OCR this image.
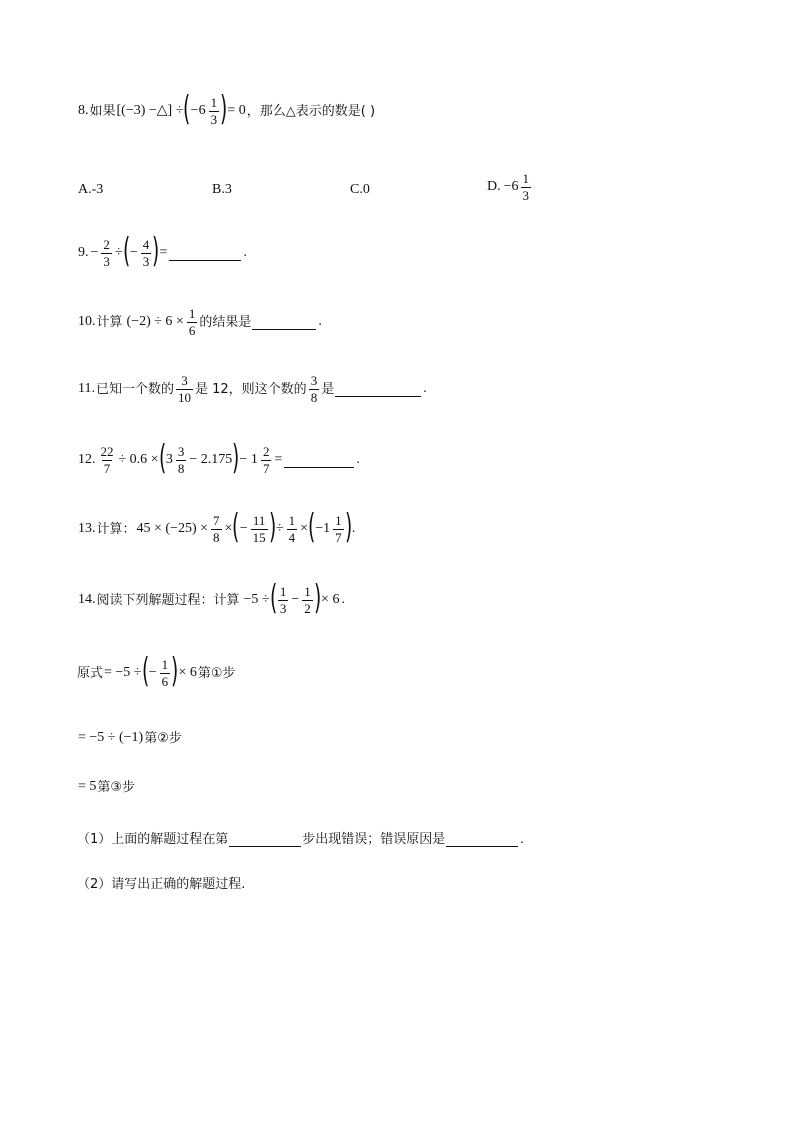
8. 如果 [(−3) −△] ÷ ( $-6 \frac{1}{3}$ ) = 0 ，那么△表示的数是( )
A.-3	B.3	C.0	D. $-6 \frac{1}{3}$
9. − $\frac{2}{3}$ ÷ ( − $\frac{4}{3}$ ) =	.
10. 计算 $(-2) \div 6 \times \frac{1}{6}$ 的结果是	.
11. 已知一个数的 $\frac{3}{10}$ 是 12，则这个数的 $\frac{3}{8}$ 是	.
12. $\frac{22}{7} \div 0.6$ × ( $3 \frac{3}{8} - 2.175$ ) − $1 \frac{2}{7}$ =	.
13. 计算： $45 \times (-25) \times \frac{7}{8}$ × ( − $\frac{11}{15}$ ) ÷ $\frac{1}{4}$ × ( $-1 \frac{1}{7}$ ) .
14. 阅读下列解题过程：计算 −5 ÷ ( $\frac{1}{3} - \frac{1}{2}$ ) × 6 .
原式 = −5 ÷ ( − $\frac{1}{6}$ ) × 6 第①步
= −5 ÷ (−1) 第②步
= 5 第③步
（1）上面的解题过程在第	步出现错误；错误原因是	.
（2）请写出正确的解题过程.
